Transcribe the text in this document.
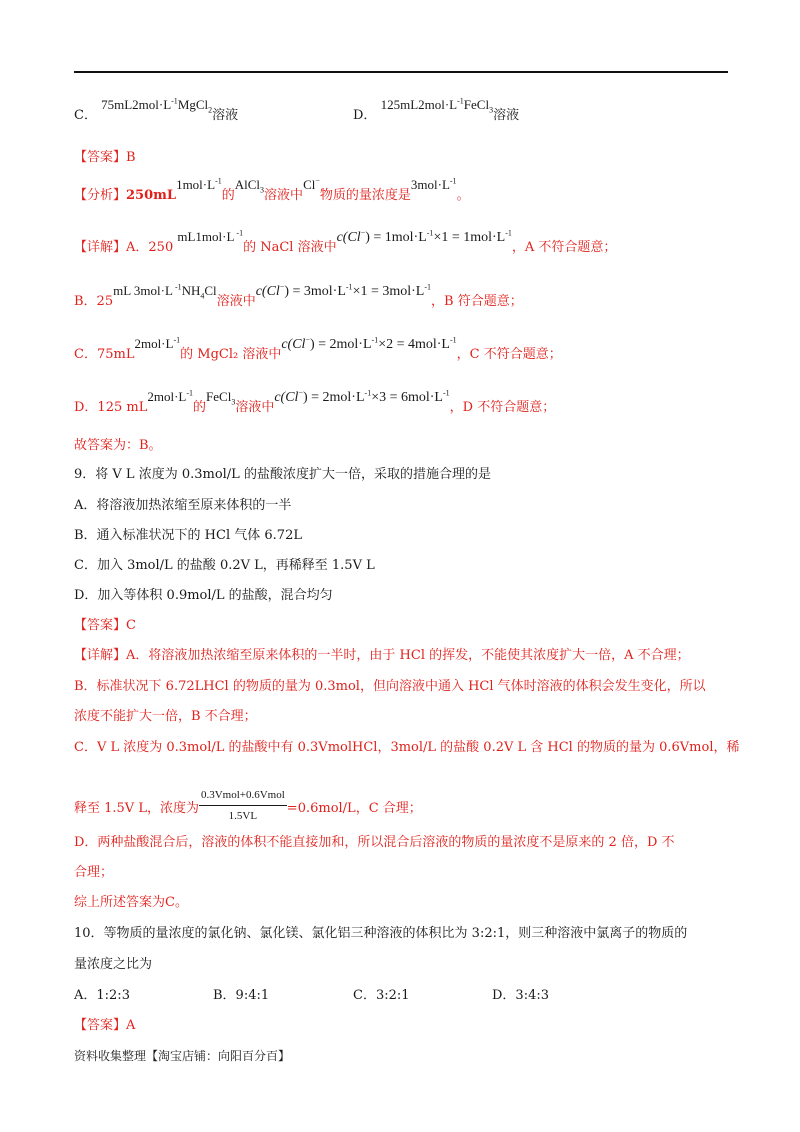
C． $75mL2mol\cdot L^{-1}MgCl_2$溶液	D． $125mL2mol\cdot L^{-1}FeCl_3$溶液
【答案】B
【分析】$250mL1mol\cdot L^{-1}$的AlCl$_3$溶液中Cl−物质的量浓度是$3mol\cdot L^{-1}$。
【详解】A．250 mL1mol·L $^{-1}$的 NaCl 溶液中$c(Cl^-) = 1mol\cdot L^{-1}\times 1 = 1mol\cdot L^{-1}$，A 不符合题意；
B．25mL 3mol·L $^{-1}NH_4Cl$溶液中$c(Cl^-) = 3mol\cdot L^{-1}\times 1 = 3mol\cdot L^{-1}$，B 符合题意；
C．$75mL2mol\cdot L^{-1}$的 MgCl₂ 溶液中$c(Cl^-) = 2mol\cdot L^{-1}\times 2 = 4mol\cdot L^{-1}$，C 不符合题意；
D．125 $mL2mol\cdot L^{-1}$的FeCl$_3$溶液中$c(Cl^-) = 2mol\cdot L^{-1}\times 3 = 6mol\cdot L^{-1}$，D 不符合题意；
故答案为：B。
9．将 V L 浓度为 0.3mol/L 的盐酸浓度扩大一倍，采取的措施合理的是
A．将溶液加热浓缩至原来体积的一半
B．通入标准状况下的 HCl 气体 6.72L
C．加入 3mol/L 的盐酸 0.2V L，再稀释至 1.5V L
D．加入等体积 0.9mol/L 的盐酸，混合均匀
【答案】C
【详解】A．将溶液加热浓缩至原来体积的一半时，由于 HCl 的挥发，不能使其浓度扩大一倍，A 不合理；
B．标准状况下 6.72LHCl 的物质的量为 0.3mol，但向溶液中通入 HCl 气体时溶液的体积会发生变化，所以
浓度不能扩大一倍，B 不合理；
C．V L 浓度为 0.3mol/L 的盐酸中有 0.3VmolHCl，3mol/L 的盐酸 0.2V L 含 HCl 的物质的量为 0.6Vmol，稀
释至 1.5V L，浓度为 $\frac{\text{0.3Vmol+0.6Vmol}}{1.5VL} =0.6mol/L$，C 合理；
D．两种盐酸混合后，溶液的体积不能直接加和，所以混合后溶液的物质的量浓度不是原来的 2 倍，D 不
合理；
综上所述答案为C。
10．等物质的量浓度的氯化钠、氯化镁、氯化铝三种溶液的体积比为 3:2:1，则三种溶液中氯离子的物质的
量浓度之比为
A．1:2:3	B．9:4:1	C．3:2:1	D．3:4:3
【答案】A
资料收集整理【淘宝店铺：向阳百分百】
